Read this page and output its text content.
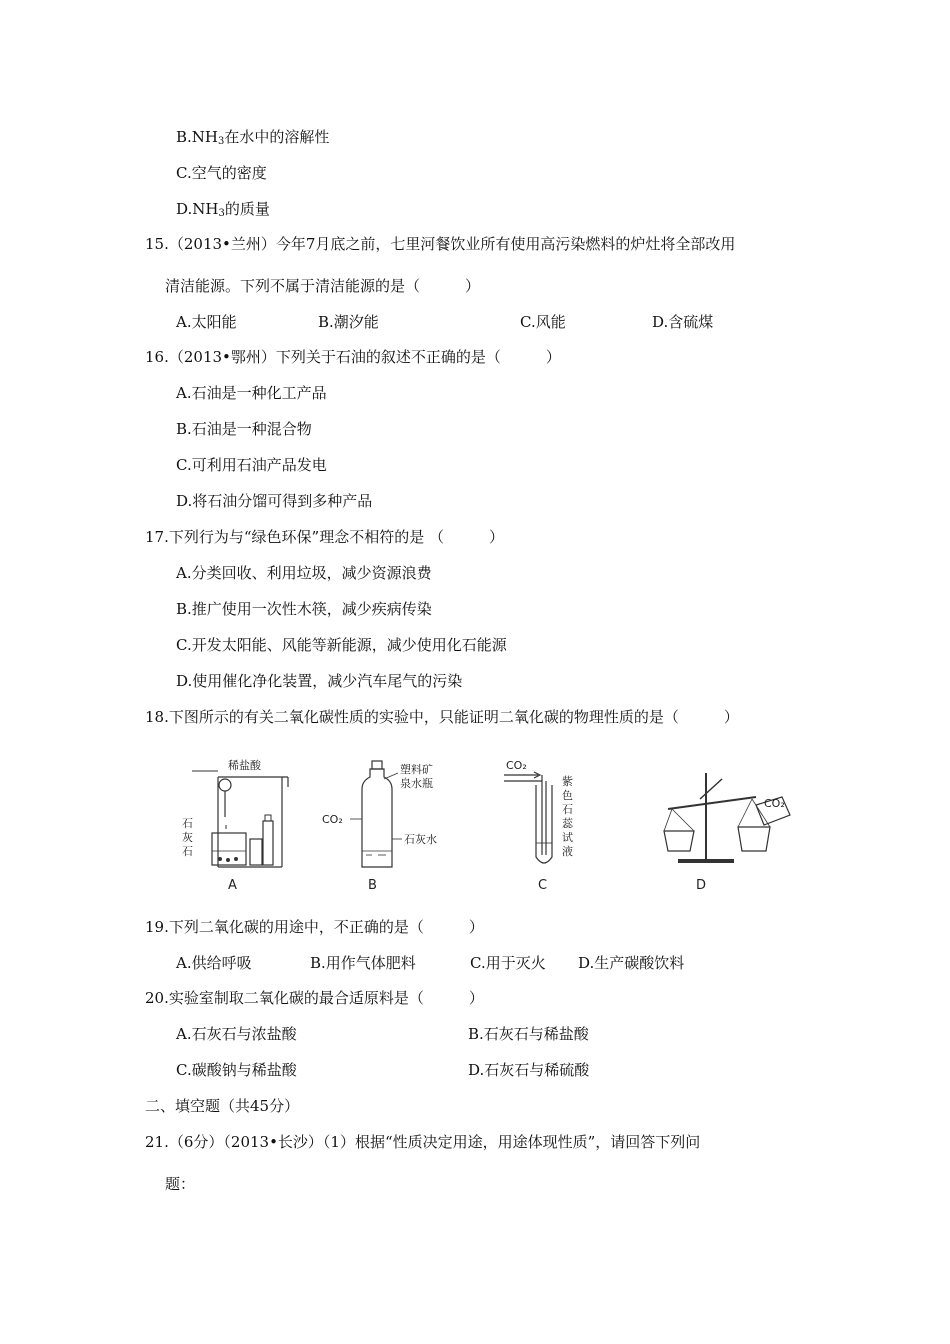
$B.NH_3$在水中的溶解性
C.空气的密度
$D.NH_3$的质量
15.（2013•兰州）今年7月底之前，七里河餐饮业所有使用高污染燃料的炉灶将全部改用
清洁能源。下列不属于清洁能源的是（　　　）
A.太阳能	B.潮汐能	C.风能	D.含硫煤
16.（2013•鄂州）下列关于石油的叙述不正确的是（　　　）
A.石油是一种化工产品
B.石油是一种混合物
C.可利用石油产品发电
D.将石油分馏可得到多种产品
17.下列行为与“绿色环保”理念不相符的是 （　　　）
A.分类回收、利用垃圾，减少资源浪费
B.推广使用一次性木筷，减少疾病传染
C.开发太阳能、风能等新能源，减少使用化石能源
D.使用催化净化装置，减少汽车尾气的污染
18.下图所示的有关二氧化碳性质的实验中，只能证明二氧化碳的物理性质的是（　　　）
稀盐酸
石
灰
石
A
CO₂
塑料矿
泉水瓶
石灰水
B
CO₂
紫
色
石
蕊
试
液
C
CO₂
D
19.下列二氧化碳的用途中，不正确的是（　　　）
A.供给呼吸	B.用作气体肥料	C.用于灭火 D.生产碳酸饮料
20.实验室制取二氧化碳的最合适原料是（　　　）
A.石灰石与浓盐酸	B.石灰石与稀盐酸
C.碳酸钠与稀盐酸	D.石灰石与稀硫酸
二、填空题（共45分）
21.（6分）（2013•长沙）（1）根据“性质决定用途，用途体现性质”，请回答下列问
题：
